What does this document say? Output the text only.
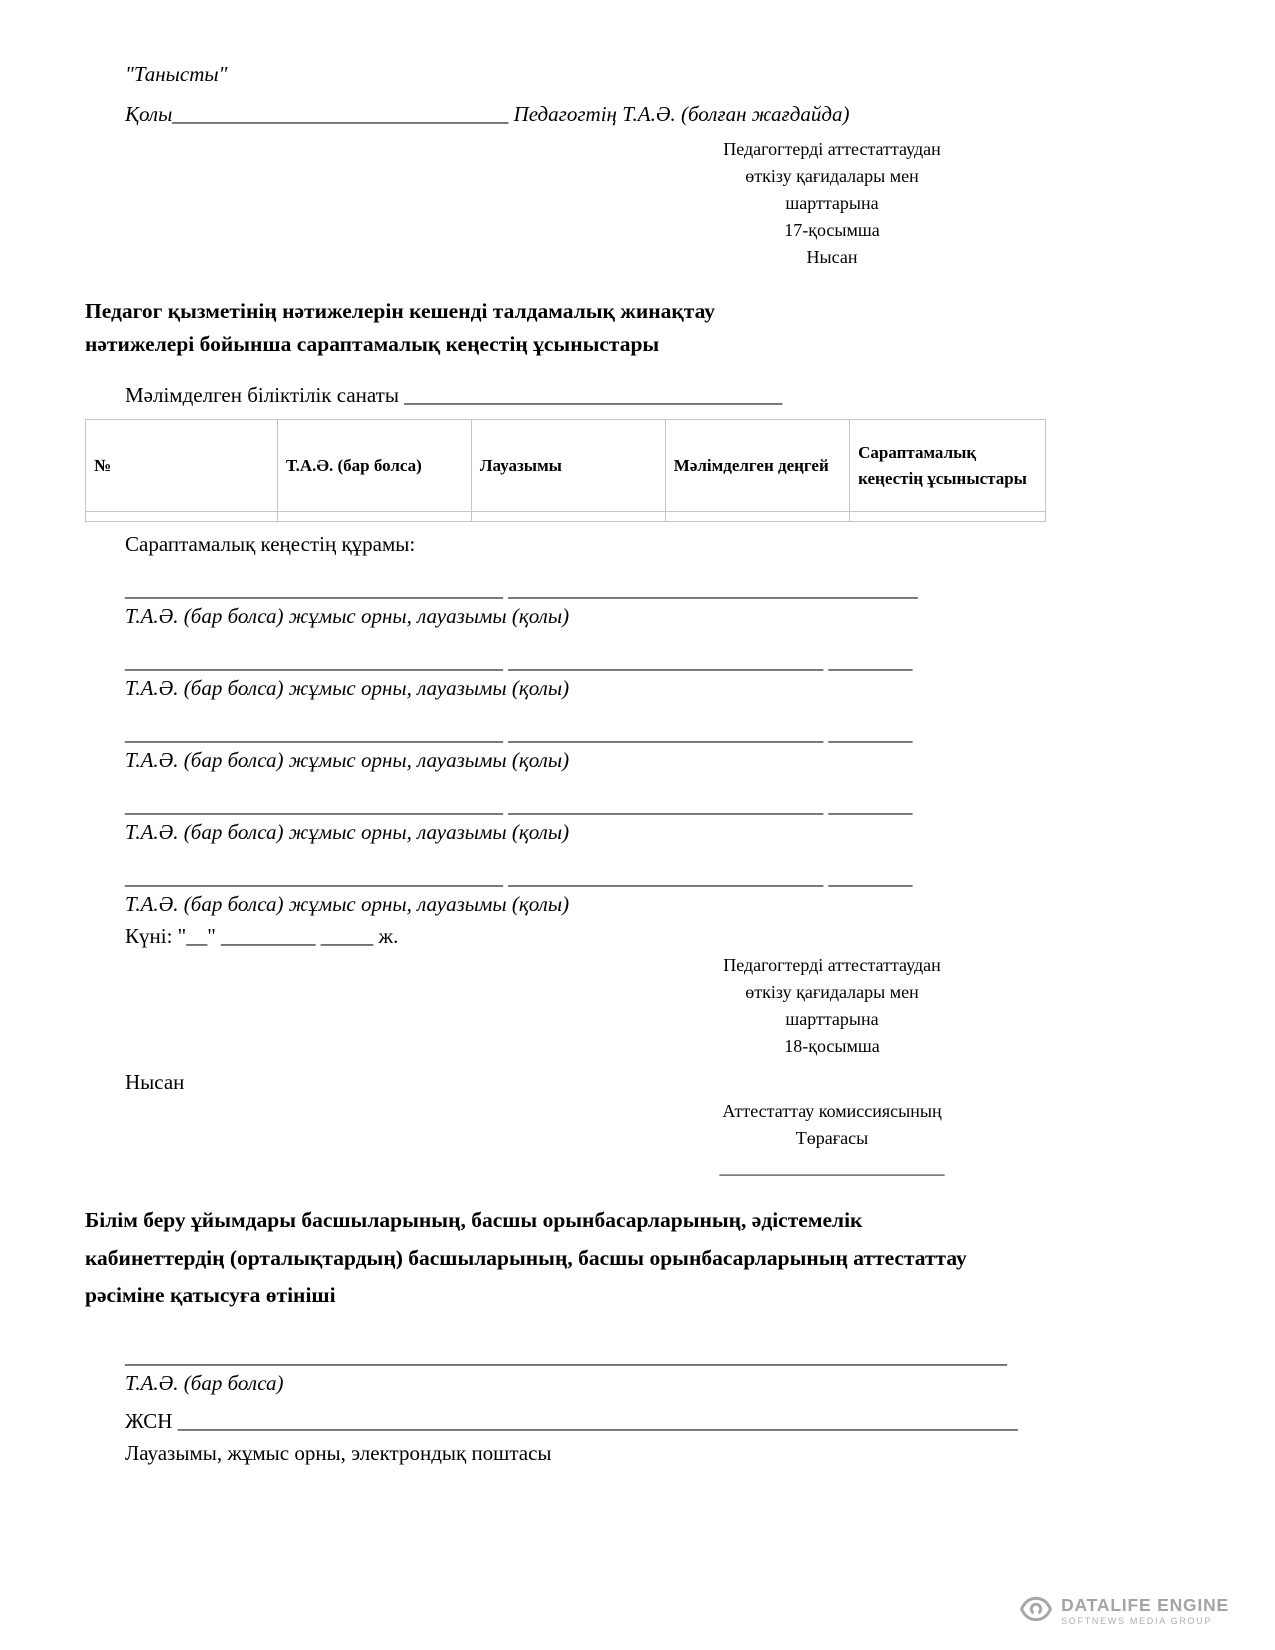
"Танысты"

Қолы________________________________ Педагогтің Т.А.Ә. (болған жағдайда)

Педагогтерді аттестаттаудан
өткізу қағидалары мен
шарттарына
17-қосымша
Нысан
Педагог қызметінің нәтижелерін кешенді талдамалық жинақтау
нәтижелері бойынша сараптамалық кеңестің ұсыныстары

Мәлімделген біліктілік санаты ____________________________________

№	Т.А.Ә. (бар болса)	Лауазымы	Мәлімделген деңгей	Сараптамалық кеңестің ұсыныстары

Сараптамалық кеңестің құрамы:

____________________________________ _______________________________________
Т.А.Ә. (бар болса) жұмыс орны, лауазымы (қолы)
____________________________________ ______________________________ ________
Т.А.Ә. (бар болса) жұмыс орны, лауазымы (қолы)
____________________________________ ______________________________ ________
Т.А.Ә. (бар болса) жұмыс орны, лауазымы (қолы)
____________________________________ ______________________________ ________
Т.А.Ә. (бар болса) жұмыс орны, лауазымы (қолы)
____________________________________ ______________________________ ________
Т.А.Ә. (бар болса) жұмыс орны, лауазымы (қолы)

Күні: "__" _________ _____ ж.

Педагогтерді аттестаттаудан
өткізу қағидалары мен
шарттарына
18-қосымша

Нысан

Аттестаттау комиссиясының
Төрағасы
_________________________
Білім беру ұйымдары басшыларының, басшы орынбасарларының, әдістемелік
кабинеттердің (орталықтардың) басшыларының, басшы орынбасарларының аттестаттау
рәсіміне қатысуға өтініші
____________________________________________________________________________________

Т.А.Ә. (бар болса)

ЖСН ________________________________________________________________________________

Лауазымы, жұмыс орны, электрондық поштасы

DATALIFE ENGINE
SOFTNEWS MEDIA GROUP
